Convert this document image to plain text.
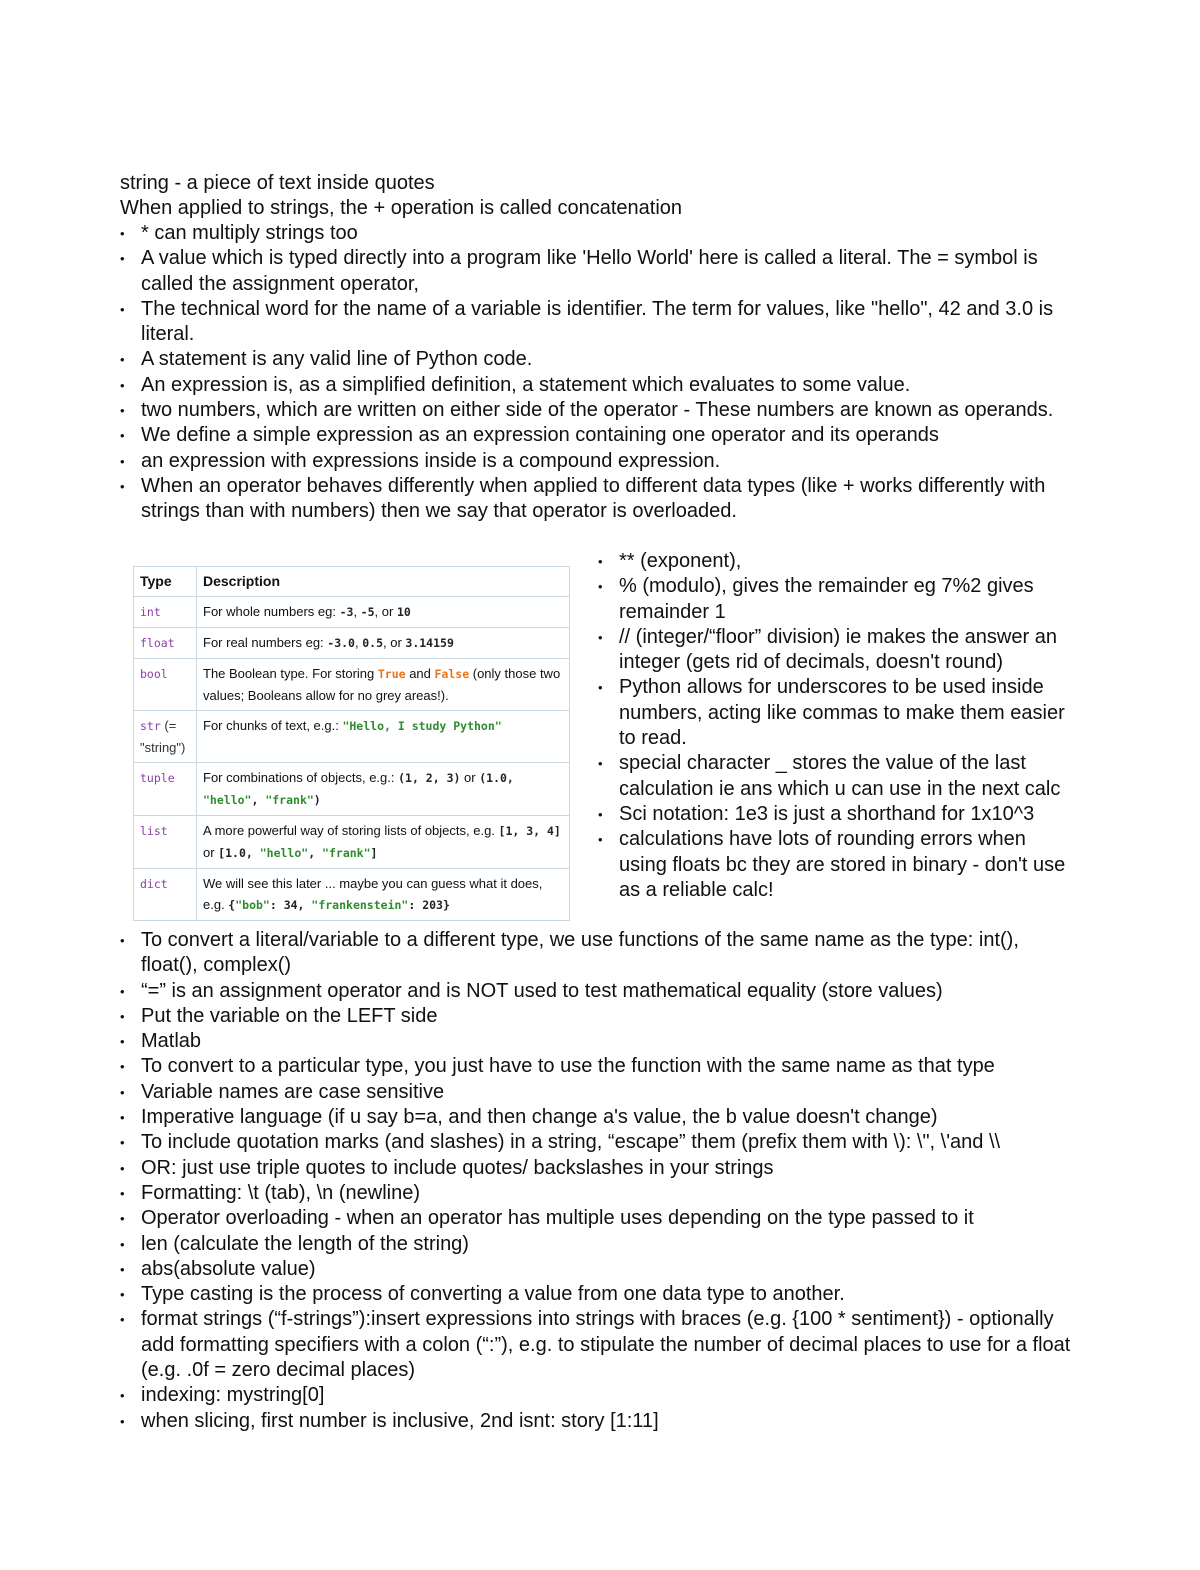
string - a piece of text inside quotes
When applied to strings, the + operation is called concatenation
• * can multiply strings too
• A value which is typed directly into a program like 'Hello World' here is called a literal. The = symbol is called the assignment operator,
• The technical word for the name of a variable is identifier. The term for values, like "hello", 42 and 3.0 is literal.
• A statement is any valid line of Python code.
• An expression is, as a simplified definition, a statement which evaluates to some value.
• two numbers, which are written on either side of the operator - These numbers are known as operands.
• We define a simple expression as an expression containing one operator and its operands
• an expression with expressions inside is a compound expression.
• When an operator behaves differently when applied to different data types (like + works differently with strings than with numbers) then we say that operator is overloaded.
Type	Description
int	For whole numbers eg: -3, -5, or 10
float	For real numbers eg: -3.0, 0.5, or 3.14159
bool	The Boolean type. For storing True and False (only those two values; Booleans allow for no grey areas!).
str (= "string")	For chunks of text, e.g.: "Hello, I study Python"
tuple	For combinations of objects, e.g.: (1, 2, 3) or (1.0, "hello", "frank")
list	A more powerful way of storing lists of objects, e.g. [1, 3, 4] or [1.0, "hello", "frank"]
dict	We will see this later ... maybe you can guess what it does, e.g. {"bob": 34, "frankenstein": 203}
• ** (exponent),
• % (modulo), gives the remainder eg 7%2 gives remainder 1
• // (integer/“floor” division) ie makes the answer an integer (gets rid of decimals, doesn't round)
• Python allows for underscores to be used inside numbers, acting like commas to make them easier to read.
• special character _ stores the value of the last calculation ie ans which u can use in the next calc
• Sci notation: 1e3 is just a shorthand for 1x10^3
• calculations have lots of rounding errors when using floats bc they are stored in binary - don't use as a reliable calc!
• To convert a literal/variable to a different type, we use functions of the same name as the type: int(), float(), complex()
• “=” is an assignment operator and is NOT used to test mathematical equality (store values)
• Put the variable on the LEFT side
• Matlab
• To convert to a particular type, you just have to use the function with the same name as that type
• Variable names are case sensitive
• Imperative language (if u say b=a, and then change a's value, the b value doesn't change)
• To include quotation marks (and slashes) in a string, “escape” them (prefix them with \): \", \'and \\
• OR: just use triple quotes to include quotes/ backslashes in your strings
• Formatting: \t (tab), \n (newline)
• Operator overloading - when an operator has multiple uses depending on the type passed to it
• len (calculate the length of the string)
• abs(absolute value)
• Type casting is the process of converting a value from one data type to another.
• format strings (“f-strings”):insert expressions into strings with braces (e.g. {100 * sentiment}) - optionally add formatting specifiers with a colon (“:”), e.g. to stipulate the number of decimal places to use for a float (e.g. .0f = zero decimal places)
• indexing: mystring[0]
• when slicing, first number is inclusive, 2nd isnt: story [1:11]
